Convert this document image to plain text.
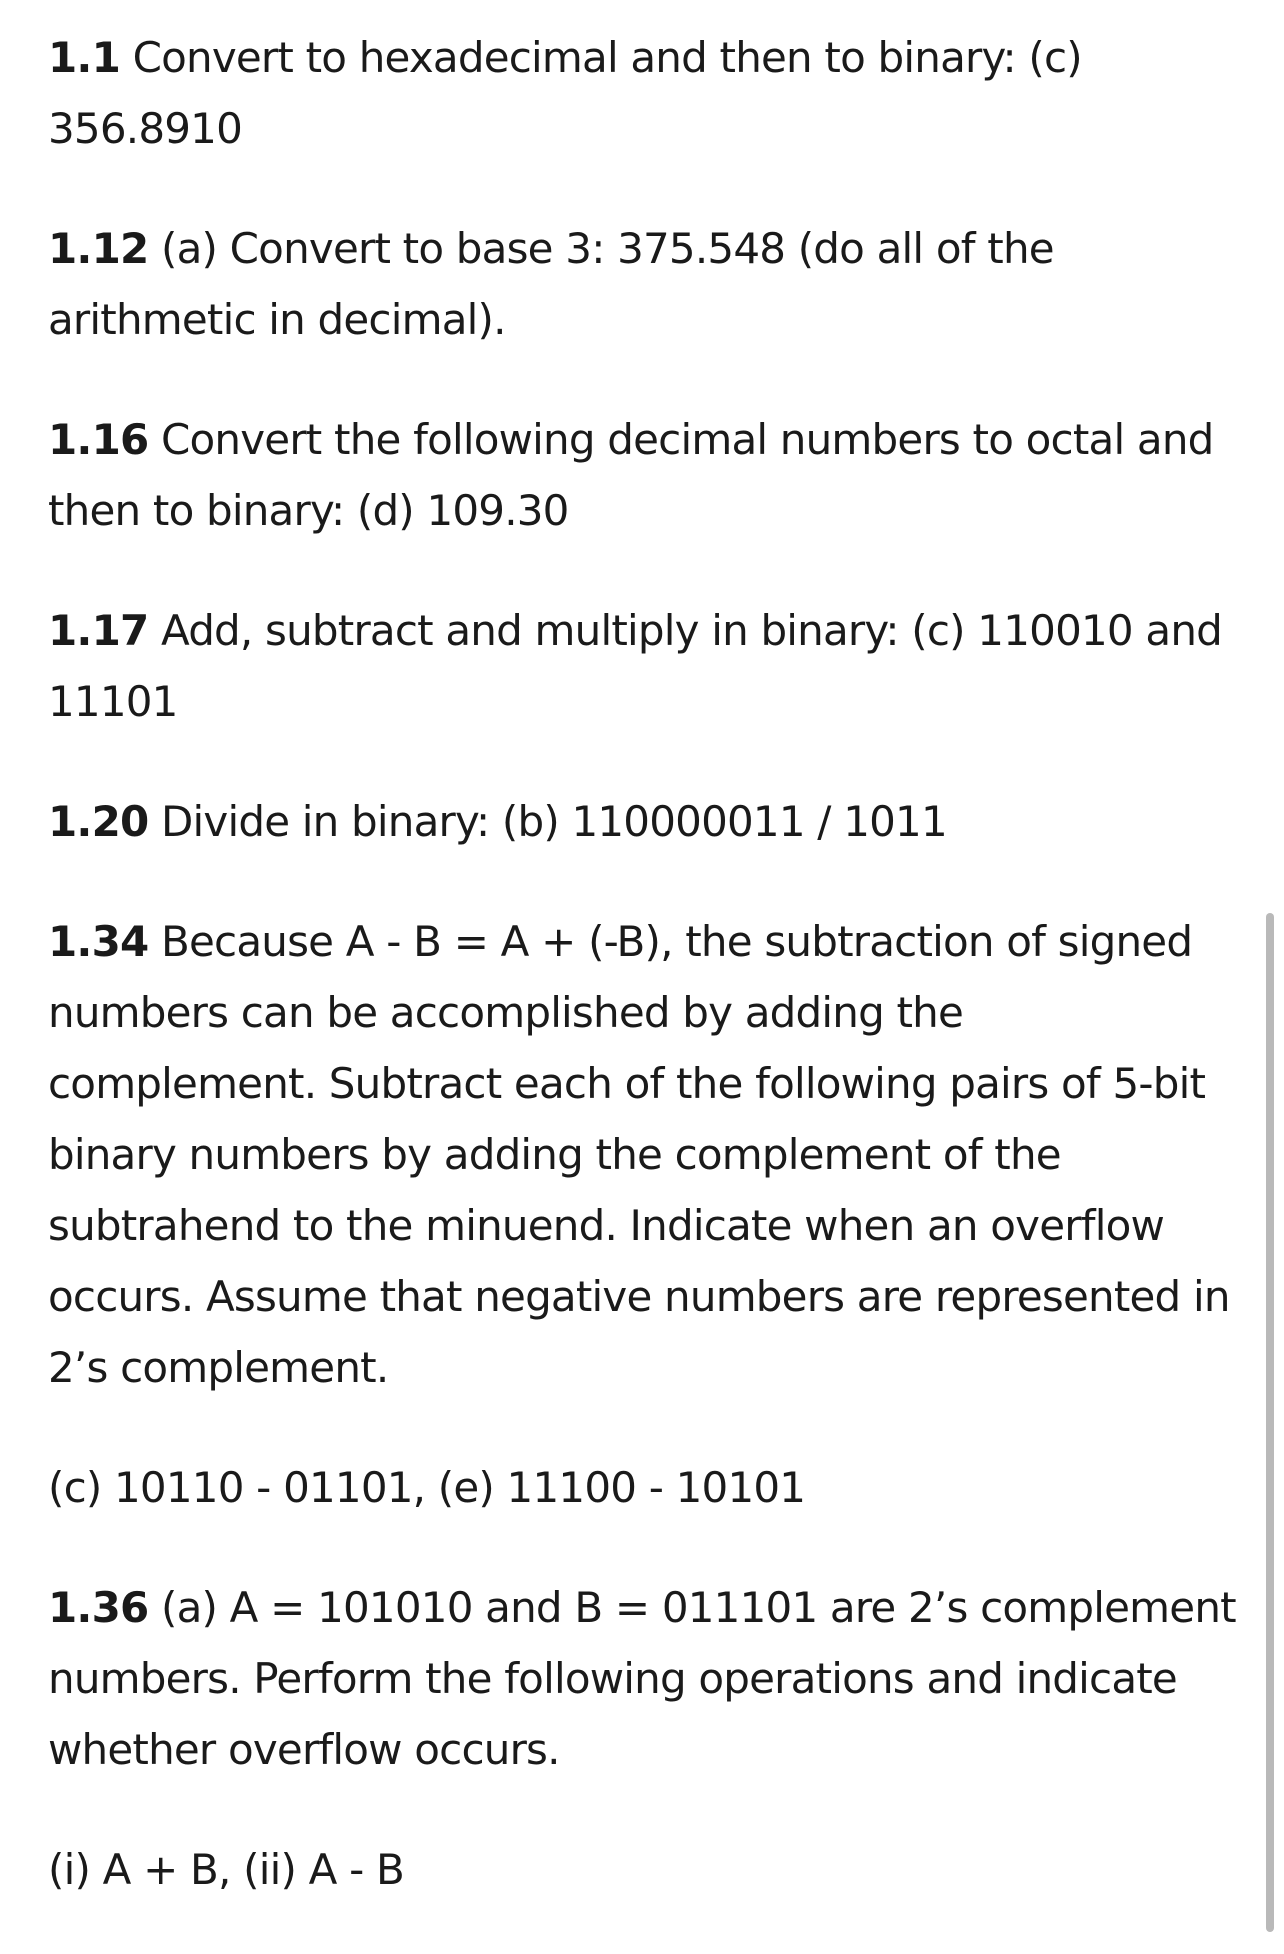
1.1 Convert to hexadecimal and then to binary: (c)
356.8910

1.12 (a) Convert to base 3: 375.548 (do all of the arithmetic in decimal).

1.16 Convert the following decimal numbers to octal and then to binary: (d) 109.30

1.17 Add, subtract and multiply in binary: (c) 110010 and 11101

1.20 Divide in binary: (b) 110000011 / 1011

1.34 Because A - B = A + (-B), the subtraction of signed numbers can be accomplished by adding the complement. Subtract each of the following pairs of 5-bit binary numbers by adding the complement of the subtrahend to the minuend. Indicate when an overflow occurs. Assume that negative numbers are represented in 2’s complement.

(c) 10110 - 01101, (e) 11100 - 10101

1.36 (a) A = 101010 and B = 011101 are 2’s complement numbers. Perform the following operations and indicate whether overflow occurs.

(i) A + B, (ii) A - B
